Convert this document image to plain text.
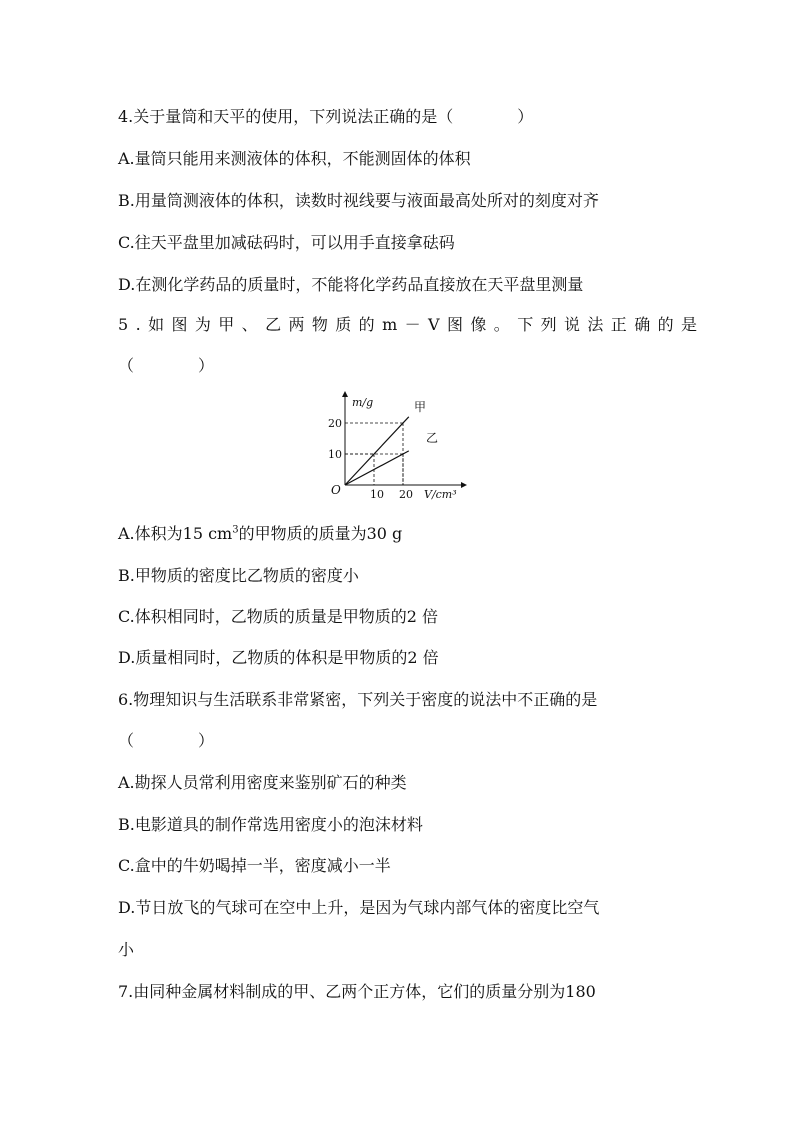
4.关于量筒和天平的使用，下列说法正确的是（　　　　）
A.量筒只能用来测液体的体积，不能测固体的体积
B.用量筒测液体的体积，读数时视线要与液面最高处所对的刻度对齐
C.往天平盘里加减砝码时，可以用手直接拿砝码
D.在测化学药品的质量时，不能将化学药品直接放在天平盘里测量
5.如图为甲、乙两物质的m－V图像。下列说法正确的是
（　　　　）
m/g
V/cm³
O	10 20
10
20
甲
乙
A.体积为15 $cm^3$的甲物质的质量为30 g
B.甲物质的密度比乙物质的密度小
C.体积相同时，乙物质的质量是甲物质的2 倍
D.质量相同时，乙物质的体积是甲物质的2 倍
6.物理知识与生活联系非常紧密，下列关于密度的说法中不正确的是
（　　　　）
A.勘探人员常利用密度来鉴别矿石的种类
B.电影道具的制作常选用密度小的泡沫材料
C.盒中的牛奶喝掉一半，密度减小一半
D.节日放飞的气球可在空中上升，是因为气球内部气体的密度比空气
小
7.由同种金属材料制成的甲、乙两个正方体，它们的质量分别为180
